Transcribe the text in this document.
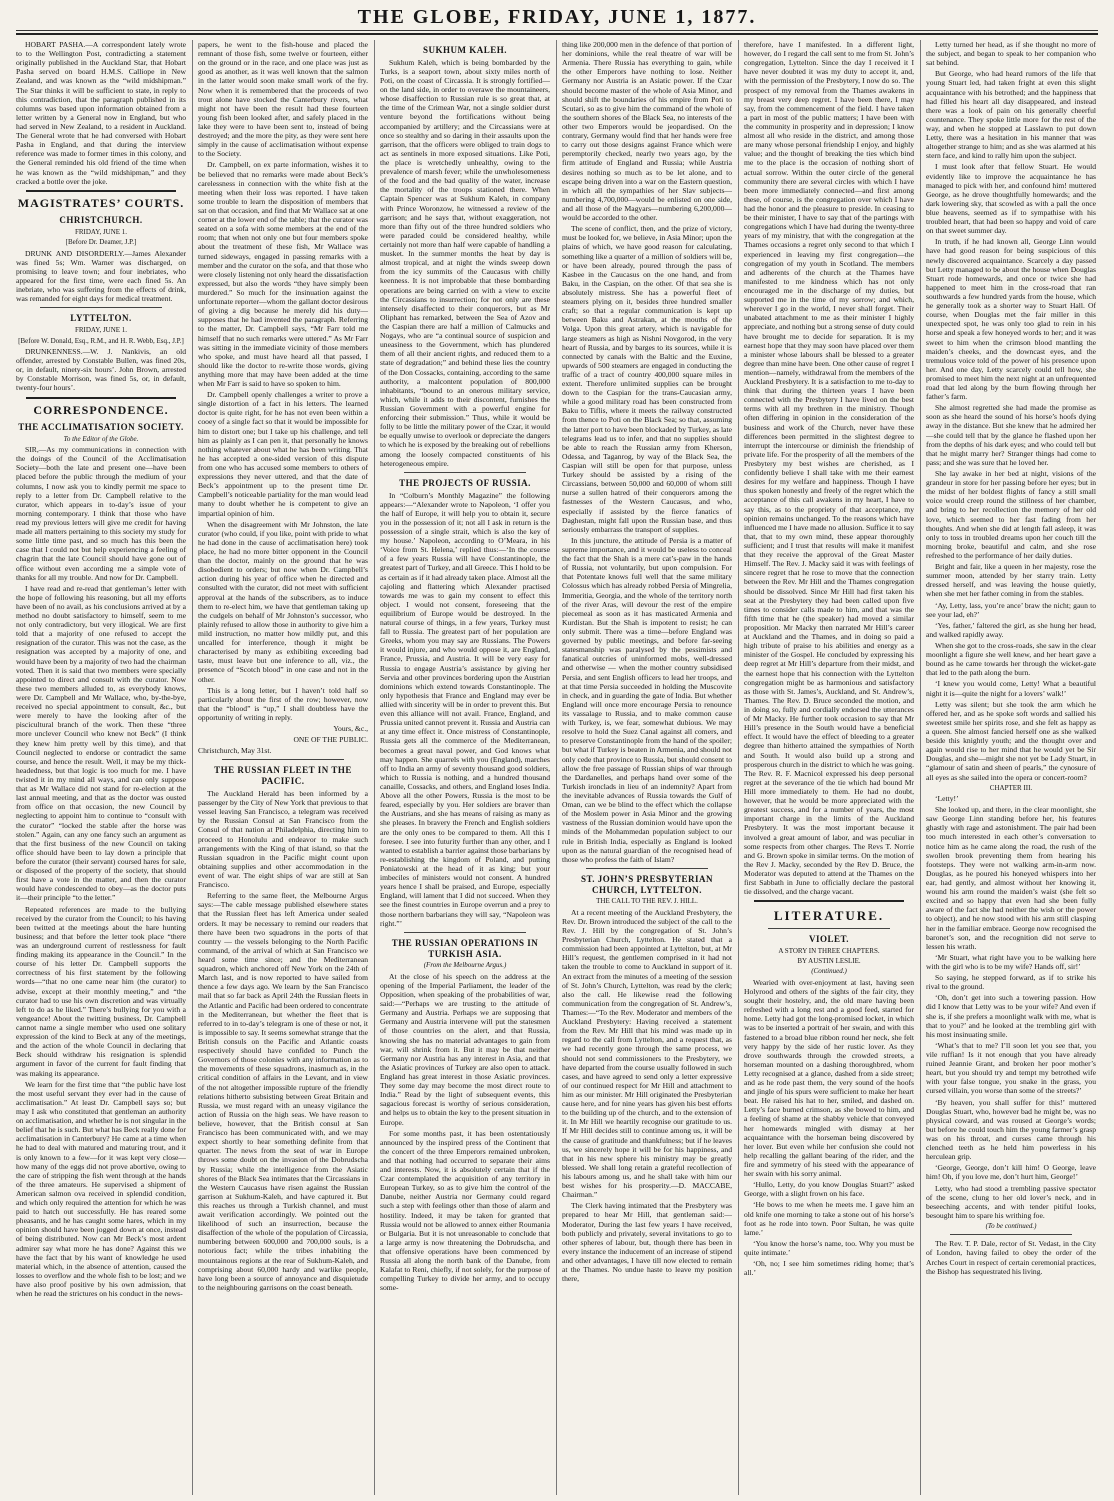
THE GLOBE, FRIDAY, JUNE 1, 1877.

HOBART PASHA.—A correspondent lately wrote to to the Wellington Post, contradicting a statement originally published in the Auckland Star, that Hobart Pasha served on board H.M.S. Calliope in New Zealand, and was known as the “wild midshipman.” The Star thinks it will be sufficient to state, in reply to this contradiction, that the paragraph published in its columns was based upon information obtained from a letter written by a General now in England, but who had served in New Zealand, to a resident in Auckland. The General wrote that he had conversed with Hobart Pasha in England, and that during the interview reference was made to former times in this colony, and the General reminded his old friend of the time when he was known as the “wild midshipman,” and they cracked a bottle over the joke.

MAGISTRATES’ COURTS.
CHRISTCHURCH.

FRIDAY, JUNE 1.

[Before Dr. Deamer, J.P.]

DRUNK AND DISORDERLY.—James Alexander was fined 5s; Wm. Warner was discharged, on promising to leave town; and four inebriates, who appeared for the first time, were each fined 5s. An inebriate, who was suffering from the effects of drink, was remanded for eight days for medical treatment.

LYTTELTON.

FRIDAY, JUNE 1.

[Before W. Donald, Esq., R.M., and H. R. Webb, Esq., J.P.]

DRUNKENNESS.—W. J. Nankivis, an old offender, arrested by Constable Bullen, was fined 20s, or, in default, ninety-six hours’. John Brown, arrested by Constable Morrison, was fined 5s, or, in default, twenty-four hours’.

CORRESPONDENCE.
THE ACCLIMATISATION SOCIETY.

To the Editor of the Globe.

SIR,—As my communications in connection with the doings of the Council of the Acclimatisation Society—both the late and present one—have been placed before the public through the medium of your columns, I now ask you to kindly permit me space to reply to a letter from Dr. Campbell relative to the curator, which appears in to-day’s issue of your morning contemporary. I think that those who have read my previous letters will give me credit for having made all matters pertaining to this society my study for some little time past, and so much has this been the case that I could not but help experiencing a feeling of chagrin that the late Council should have gone out of office without even according me a simple vote of thanks for all my trouble. And now for Dr. Campbell.

I have read and re-read that gentleman’s letter with the hope of following his reasoning, but all my efforts have been of no avail, as his conclusions arrived at by a method no doubt satisfactory to himself, seem to me not only contradictory, but very illogical. We are first told that a majority of one refused to accept the resignation of the curator. This was not the case, as the resignation was accepted by a majority of one, and would have been by a majority of two had the chairman voted. Then it is said that two members were specially appointed to direct and consult with the curator. Now these two members alluded to, as everybody knows, were Dr. Campbell and Mr Wallace, who, by-the-bye, received no special appointment to consult, &c., but were merely to have the looking after of the piscicultural branch of the work. Then these “three more unclever Council who knew not Beck” (I think they knew him pretty well by this time), and that Council neglected to endorse or contradict the same course, and hence the result. Well, it may be my thick-headedness, but that logic is too much for me. I have twisted it in my mind all ways, and can only suppose that as Mr Wallace did not stand for re-election at the last annual meeting, and that as the doctor was ousted from office on that occasion, the new Council by neglecting to appoint him to continue to “consult with the curator” “locked the stable after the horse was stolen.” Again, can any one fancy such an argument as that the first business of the new Council on taking office should have been to lay down a principle that before the curator (their servant) coursed hares for sale, or disposed of the property of the society, that should first have a vote in the matter, and then the curator would have condescended to obey—as the doctor puts it—their principle “to the letter.”

Repeated references are made to the bullying received by the curator from the Council; to his having been twitted at the meetings about the hare hunting business; and that before the letter took place “there was an underground current of restlessness for fault finding making its appearance in the Council.” In the course of his letter Dr. Campbell supports the correctness of his first statement by the following words—“that no one came near him (the curator) to advise, except at their monthly meeting,” and “the curator had to use his own discretion and was virtually left to do as he liked.” There’s bullying for you with a vengeance! About the twitting business, Dr. Campbell cannot name a single member who used one solitary expression of the kind to Beck at any of the meetings, and the action of the whole Council in declaring that Beck should withdraw his resignation is splendid argument in favor of the current for fault finding that was making its appearance.

We learn for the first time that “the public have lost the most useful servant they ever had in the cause of acclimatisation.” At least Dr. Campbell says so; but may I ask who constituted that gentleman an authority on acclimatisation, and whether he is not singular in the belief that he is such. But what has Beck really done for acclimatisation in Canterbury? He came at a time when he had to deal with matured and maturing trout, and it is only known to a few—for it was kept very close—how many of the eggs did not prove abortive, owing to the care of stripping the fish went through at the hands of the three amateurs. He supervised a shipment of American salmon ova received in splendid condition, and which only required the attention for which he was paid to hatch out successfully. He has reared some pheasants, and he has caught some hares, which in my opinion should have been jogged down at once, instead of being distributed. Now can Mr Beck’s most ardent admirer say what more he has done? Against this we have the fact that by his want of knowledge he used material which, in the absence of attention, caused the losses to overflow and the whole fish to be lost; and we have also proof positive by his own admission, that when he read the strictures on his conduct in the news-

papers, he went to the fish-house and placed the remnant of those fish, some twelve or fourteen, either on the ground or in the race, and one place was just as good as another, as it was well known that the salmon in the latter would soon make small work of the fry. Now when it is remembered that the proceeds of two trout alone have stocked the Canterbury rivers, what might not have been the result had these fourteen young fish been looked after, and safely placed in the lake they were to have been sent to, instead of being destroyed; and the more the pity, as they were sent here simply in the cause of acclimatisation without expense to the Society.

Dr. Campbell, on ex parte information, wishes it to be believed that no remarks were made about Beck’s carelessness in connection with the white fish at the meeting when their loss was reported. I have taken some trouble to learn the disposition of members that sat on that occasion, and find that Mr Wallace sat at one corner at the lower end of the table; that the curator was seated on a sofa with some members at the end of the room; that when not only one but four members spoke about the treatment of these fish, Mr Wallace was turned sideways, engaged in passing remarks with a member and the curator on the sofa, and that those who were closely listening not only heard the dissatisfaction expressed, but also the words “they have simply been murdered.” So much for the insinuation against the unfortunate reporter—whom the gallant doctor desirous of giving a dig because he merely did his duty—supposes that he had invented the paragraph. Referring to the matter, Dr. Campbell says, “Mr Farr told me himself that no such remarks were uttered.” As Mr Farr was sitting in the immediate vicinity of those members who spoke, and must have heard all that passed, I should like the doctor to re-write those words, giving anything more that may have been added at the time when Mr Farr is said to have so spoken to him.

Dr. Campbell openly challenges a writer to prove a single distortion of a fact in his letters. The learned doctor is quite right, for he has not even been within a cooey of a single fact so that it would be impossible for him to distort one; but I take up his challenge, and tell him as plainly as I can pen it, that personally he knows nothing whatever about what he has been writing. That he has accepted a one-sided version of this dispute from one who has accused some members to others of expressions they never uttered, and that the date of Beck’s appointment up to the present time Dr. Campbell’s noticeable partiality for the man would lead many to doubt whether he is competent to give an impartial opinion of him.

When the disagreement with Mr Johnston, the late curator (who could, if you like, point with pride to what he had done in the cause of acclimatisation here) took place, he had no more bitter opponent in the Council than the doctor, mainly on the ground that he was disobedient to orders; but now when Dr. Campbell’s action during his year of office when he directed and consulted with the curator, did not meet with sufficient approval at the hands of the subscribers, as to induce them to re-elect him, we have that gentleman taking up the cudgels on behalf of Mr Johnston’s successor, who plainly refused to allow those in authority to give him a mild instruction, no matter how mildly put, and this uncalled for interference, though it might be characterised by many as exhibiting exceeding bad taste, must leave but one inference to all, viz., the presence of “Scotch blood” in one case and not in the other.

This is a long letter, but I haven’t told half so particularly about the first of the row; however, now that the “blood” is “up,” I shall doubtless have the opportunity of writing in reply.

Yours, &c.,

ONE OF THE PUBLIC.

Christchurch, May 31st.

THE RUSSIAN FLEET IN THE PACIFIC.

The Auckland Herald has been informed by a passenger by the City of New York that previous to that vessel leaving San Francisco, a telegram was received by the Russian Consul at San Francisco from the Consul of that nation at Philadelphia, directing him to proceed to Honolulu and endeavor to make such arrangements with the King of that island, so that the Russian squadron in the Pacific might count upon obtaining supplies and other accommodation in the event of war. The eight ships of war are still at San Francisco.

Referring to the same fleet, the Melbourne Argus says:—The cable message published elsewhere states that the Russian fleet has left America under sealed orders. It may be necessary to remind our readers that there have been two squadrons in the ports of that country — the vessels belonging to the North Pacific command, of the arrival of which at San Francisco we heard some time since; and the Mediterranean squadron, which anchored off New York on the 24th of March last, and is now reported to have sailed from thence a few days ago. We learn by the San Francisco mail that so far back as April 24th the Russian fleets in the Atlantic and Pacific had been ordered to concentrate in the Mediterranean, but whether the fleet that is referred to in to-day’s telegram is one of these or not, it is impossible to say. It seems somewhat strange that the British consuls on the Pacific and Atlantic coasts respectively should have confided to Punch the Governors of those colonies with any information as to the movements of these squadrons, inasmuch as, in the critical condition of affairs in the Levant, and in view of the not altogether impossible rupture of the friendly relations hitherto subsisting between Great Britain and Russia, we must regard with an uneasy vigilance the action of Russia on the high seas. We have reason to believe, however, that the British consul at San Francisco has been communicated with, and we may expect shortly to hear something definite from that quarter. The news from the seat of war in Europe throws some doubt on the invasion of the Dobrudscha by Russia; while the intelligence from the Asiatic shores of the Black Sea intimates that the Circassians in the Western Caucasus have risen against the Russian garrison at Sukhum-Kaleh, and have captured it. But this reaches us through a Turkish channel, and must await verification accordingly. We pointed out the likelihood of such an insurrection, because the disaffection of the whole of the population of Circassia, numbering between 600,000 and 700,000 souls, is a notorious fact; while the tribes inhabiting the mountainous regions at the rear of Sukhum-Kaleh, and comprising about 60,000 hardy and warlike people, have long been a source of annoyance and disquietude to the neighbouring garrisons on the coast beneath.

SUKHUM KALEH.

Sukhum Kaleh, which is being bombarded by the Turks, is a seaport town, about sixty miles north of Poti, on the coast of Circassia. It is strongly fortified—on the land side, in order to overawe the mountaineers, whose disaffection to Russian rule is so great that, at the time of the Crimean War, not a single soldier durst venture beyond the fortifications without being accompanied by artillery; and the Circassians were at once so stealthy and so daring in their assaults upon the garrison, that the officers were obliged to train dogs to act as sentinels in more exposed situations. Like Poti, the place is wretchedly unhealthy, owing to the prevalence of marsh fever; while the unwholesomeness of the food and the bad quality of the water, increase the mortality of the troops stationed there. When Captain Spencer was at Sukhum Kaleh, in company with Prince Woronzow, he witnessed a review of the garrison; and he says that, without exaggeration, not more than fifty out of the three hundred soldiers who were paraded could be considered healthy, while certainly not more than half were capable of handling a musket. In the summer months the heat by day is almost tropical, and at night the winds sweep down from the icy summits of the Caucasus with chilly keenness. It is not improbable that these bombarding operations are being carried on with a view to excite the Circassians to insurrection; for not only are these intensely disaffected to their conquerors, but as Mr Oliphant has remarked, between the Sea of Azov and the Caspian there are half a million of Calmucks and Nogays, who are “a continual source of suspicion and uneasiness to the Government, which has plundered them of all their ancient rights, and reduced them to a state of degradation;” and behind these lies the country of the Don Cossacks, containing, according to the same authority, a malcontent population of 800,000 inhabitants, “bound to an onerous military service, which, while it adds to their discontent, furnishes the Russian Government with a powerful engine for enforcing their submission.” Thus, while it would be folly to be little the military power of the Czar, it would be equally unwise to overlook or depreciate the dangers to which he is exposed by the breaking out of rebellions among the loosely compacted constituents of his heterogeneous empire.

THE PROJECTS OF RUSSIA.

In “Colburn’s Monthly Magazine” the following appears:—“Alexander wrote to Napoleon, ‘I offer you the half of Europe, it will help you to obtain it, secure you in the possession of it; not all I ask in return is the possession of a single strait, which is also the key of my house.’ Napoleon, according to O’Meara, in his ‘Voice from St. Helena,’ replied thus:—‘In the course of a few years Russia will have Constantinople, the greatest part of Turkey, and all Greece. This I hold to be as certain as if it had already taken place. Almost all the cajoling and flattering which Alexander practised towards me was to gain my consent to effect this object. I would not consent, foreseeing that the equilibrium of Europe would be destroyed. In the natural course of things, in a few years, Turkey must fall to Russia. The greatest part of her population are Greeks, whom you may say are Russians. The Powers it would injure, and who would oppose it, are England, France, Prussia, and Austria. It will be very easy for Russia to engage Austria’s assistance by giving her Servia and other provinces bordering upon the Austrian dominions which extend towards Constantinople. The only hypothesis that France and England may ever be allied with sincerity will be in order to prevent this. But even this alliance will not avail. France, England, and Prussia united cannot prevent it. Russia and Austria can at any time effect it. Once mistress of Constantinople, Russia gets all the commerce of the Mediterranean, becomes a great naval power, and God knows what may happen. She quarrels with you (England), marches off to India an army of seventy thousand good soldiers, which to Russia is nothing, and a hundred thousand canaille, Cossacks, and others, and England loses India. Above all the other Powers, Russia is the most to be feared, especially by you. Her soldiers are braver than the Austrians, and she has means of raising as many as she pleases. In bravery the French and English soldiers are the only ones to be compared to them. All this I foresee. I see into futurity further than any other, and I wanted to establish a barrier against those barbarians by re-establishing the kingdom of Poland, and putting Poniatowski at the head of it as king; but your imbeciles of ministers would not consent. A hundred years hence I shall be praised, and Europe, especially England, will lament that I did not succeed. When they see the finest countries in Europe overrun and a prey to those northern barbarians they will say, “Napoleon was right.”’

THE RUSSIAN OPERATIONS IN TURKISH ASIA.

(From the Melbourne Argus.)

At the close of his speech on the address at the opening of the Imperial Parliament, the leader of the Opposition, when speaking of the probabilities of war, said:—“Perhaps we are trusting to the attitude of Germany and Austria. Perhaps we are supposing that Germany and Austria intervene will put the statesmen of those countries on the alert, and that Russia, knowing she has no material advantages to gain from war, will shrink from it. But it may be that neither Germany nor Austria has any interest in Asia, and that the Asiatic provinces of Turkey are also open to attack. England has great interest in those Asiatic provinces. They some day may become the most direct route to India.” Read by the light of subsequent events, this sagacious forecast is worthy of serious consideration, and helps us to obtain the key to the present situation in Europe.

For some months past, it has been ostentatiously announced by the inspired press of the Continent that the concert of the three Emperors remained unbroken, and that nothing had occurred to separate their aims and interests. Now, it is absolutely certain that if the Czar contemplated the acquisition of any territory in European Turkey, so as to give him the control of the Danube, neither Austria nor Germany could regard such a step with feelings other than those of alarm and hostility. Indeed, it may be taken for granted that Russia would not be allowed to annex either Roumania or Bulgaria. But it is not unreasonable to conclude that a large army is now threatening the Dobrudscha, and that offensive operations have been commenced by Russia all along the north bank of the Danube, from Kalafat to Reni, chiefly, if not solely, for the purpose of compelling Turkey to divide her army, and to occupy some-

thing like 200,000 men in the defence of that portion of her dominions, while the real theatre of war will be Armenia. There Russia has everything to gain, while the other Emperors have nothing to lose. Neither Germany nor Austria is an Asiatic power. If the Czar should become master of the whole of Asia Minor, and should shift the boundaries of his empire from Poti to Scutari, so as to give him the command of the whole of the southern shores of the Black Sea, no interests of the other two Emperors would be jeopardised. On the contrary, Germany would find that her hands were free to carry out those designs against France which were peremptorily checked, nearly two years ago, by the firm attitude of England and Russia; while Austria desires nothing so much as to be let alone, and to escape being driven into a war on the Eastern question, in which all the sympathies of her Slav subjects—numbering 4,700,000—would be enlisted on one side, and all those of the Magyars—numbering 6,200,000—would be accorded to the other.

The scene of conflict, then, and the prize of victory, must be looked for, we believe, in Asia Minor; upon the plains of which, we have good reason for calculating, something like a quarter of a million of soldiers will be, or have been already, poured through the pass of Kasbee in the Caucasus on the one hand, and from Baku, in the Caspian, on the other. Of that sea she is absolutely mistress. She has a powerful fleet of steamers plying on it, besides three hundred smaller craft; so that a regular communication is kept up between Baku and Astrakan, at the mouths of the Volga. Upon this great artery, which is navigable for large steamers as high as Nishni Novgorod, in the very heart of Russia, and by barges to its sources, while it is connected by canals with the Baltic and the Euxine, upwards of 500 steamers are engaged in conducting the traffic of a tract of country 400,000 square miles in extent. Therefore unlimited supplies can be brought down to the Caspian for the trans-Caucasian army, while a good military road has been constructed from Baku to Tiflis, where it meets the railway constructed from thence to Poti on the Black Sea; so that, assuming the latter port to have been blockaded by Turkey, as late telegrams lead us to infer, and that no supplies should be able to reach the Russian army from Kherson, Odessa, and Taganrog, by way of the Black Sea, the Caspian will still be open for that purpose, unless Turkey should be assisted by a rising of the Circassians, between 50,000 and 60,000 of whom still nurse a sullen hatred of their conquerors among the fastnesses of the Western Caucasus, and who, especially if assisted by the fierce fanatics of Daghestan, might fall upon the Russian base, and thus seriously embarrass the transport of supplies.

In this juncture, the attitude of Persia is a matter of supreme importance, and it would be useless to conceal the fact that the Shah is a mere cat’s-paw in the hands of Russia, not voluntarily, but upon compulsion. For that Potentate knows full well that the same military Colossus which has already robbed Persia of Mingrelia, Immeritia, Georgia, and the whole of the territory north of the river Aras, will devour the rest of the empire piecemeal as soon as it has masticated Armenia and Kurdistan. But the Shah is impotent to resist; he can only submit. There was a time—before England was governed by public meetings, and before far-seeing statesmanship was paralysed by the pessimists and fanatical outcries of uninformed mobs, well-dressed and otherwise — when the mother country subsidised Persia, and sent English officers to lead her troops, and at that time Persia succeeded in holding the Muscovite in check, and in guarding the gate of India. But whether England will once more encourage Persia to renounce its vassalage to Russia, and to make common cause with Turkey, is, we fear, somewhat dubious. We may resolve to hold the Suez Canal against all comers, and to preserve Constantinople from the hand of the spoiler; but what if Turkey is beaten in Armenia, and should not only cede that province to Russia, but should consent to allow the free passage of Russian ships of war through the Dardanelles, and perhaps hand over some of the Turkish ironclads in lieu of an indemnity? Apart from the inevitable advances of Russia towards the Gulf of Oman, can we be blind to the effect which the collapse of the Moslem power in Asia Minor and the growing vastness of the Russian dominion would have upon the minds of the Mohammedan population subject to our rule in British India, especially as England is looked upon as the natural guardian of the recognised head of those who profess the faith of Islam?

ST. JOHN’S PRESBYTERIAN CHURCH, LYTTELTON.

THE CALL TO THE REV. J. HILL.

At a recent meeting of the Auckland Presbytery, the Rev. Dr. Brown introduced the subject of the call to the Rev. J. Hill by the congregation of St. John’s Presbyterian Church, Lyttelton. He stated that a commission had been appointed at Lyttelton, but, at Mr Hill’s request, the gentlemen comprised in it had not taken the trouble to come to Auckland in support of it. An extract from the minutes of a meeting of the session of St. John’s Church, Lyttelton, was read by the clerk; also the call. He likewise read the following communication from the congregation of St. Andrew’s, Thames:—“To the Rev. Moderator and members of the Auckland Presbytery: Having received a statement from the Rev. Mr Hill that his mind was made up in regard to the call from Lyttelton, and a request that, as we had recently gone through the same process, we should not send commissioners to the Presbytery, we have departed from the course usually followed in such cases, and have agreed to send only a letter expressive of our continued respect for Mr Hill and attachment to him as our minister. Mr Hill originated the Presbyterian cause here, and for nine years has given his best efforts to the building up of the church, and to the extension of it. In Mr Hill we heartily recognise our gratitude to us. If Mr Hill decides still to continue among us, it will be the cause of gratitude and thankfulness; but if he leaves us, we sincerely hope it will be for his happiness, and that in his new sphere his ministry may be greatly blessed. We shall long retain a grateful recollection of his labours among us, and he shall take with him our best wishes for his prosperity.—D. MACCABE, Chairman.”

The Clerk having intimated that the Presbytery was prepared to hear Mr Hill, that gentleman said:—Moderator, During the last few years I have received, both publicly and privately, several invitations to go to other spheres of labour, but, though there has been in every instance the inducement of an increase of stipend and other advantages, I have till now elected to remain at the Thames. No undue haste to leave my position there,

therefore, have I manifested. In a different light, however, do I regard the call sent to me from St. John’s congregation, Lyttelton. Since the day I received it I have never doubted it was my duty to accept it, and, with the permission of the Presbytery, I now do so. The prospect of my removal from the Thames awakens in my breast very deep regret. I have been there, I may say, from the commencement of the field. I have taken a part in most of the public matters; I have been with the community in prosperity and in depression; I know almost all who reside in the district, and among those are many whose personal friendship I enjoy, and highly value; and the thought of breaking the ties which bind me to the place is the occasion of nothing short of actual sorrow. Within the outer circle of the general community there are several circles with which I have been more immediately connected—and first among these, of course, is the congregation over which I have had the honor and the pleasure to preside. In ceasing to be their minister, I have to say that of the partings with congregations which I have had during the twenty-three years of my ministry, that with the congregation at the Thames occasions a regret only second to that which I experienced in leaving my first congregation—the congregation of my youth in Scotland. The members and adherents of the church at the Thames have manifested to me kindness which has not only encouraged me in the discharge of my duties, but supported me in the time of my sorrow; and which, wherever I go in the world, I never shall forget. Their unabated attachment to me as their minister I highly appreciate, and nothing but a strong sense of duty could have brought me to decide for separation. It is my earnest hope that they may soon have placed over them a minister whose labours shall be blessed to a greater degree than mine have been. One other cause of regret I mention—namely, withdrawal from the members of the Auckland Presbytery. It is a satisfaction to me to-day to think that during the thirteen years I have been connected with the Presbytery I have lived on the best terms with all my brethren in the ministry. Though often differing in opinion in the consideration of the business and work of the Church, never have these differences been permitted in the slightest degree to interrupt the intercourse or diminish the friendship of private life. For the prosperity of all the members of the Presbytery my best wishes are cherished, as I confidently believe I shall take with me their earnest desires for my welfare and happiness. Though I have thus spoken honestly and freely of the regret which the acceptance of this call awakens in my heart, I have to say this, as to the propriety of that acceptance, my opinion remains unchanged. To the reasons which have influenced me I have made no allusion. Suffice it to say that, that to my own mind, these appear thoroughly sufficient; and I trust that results will make it manifest that they receive the approval of the Great Master Himself. The Rev. J. Macky said it was with feelings of sincere regret that he rose to move that the connection between the Rev. Mr Hill and the Thames congregation should be dissolved. Since Mr Hill had first taken his seat at the Presbytery they had been called upon five times to consider calls made to him, and that was the fifth time that he (the speaker) had moved a similar proposition. Mr Macky then narrated Mr Hill’s career at Auckland and the Thames, and in doing so paid a high tribute of praise to his abilities and energy as a minister of the Gospel. He concluded by expressing his deep regret at Mr Hill’s departure from their midst, and the earnest hope that his connection with the Lyttelton congregation might be as harmonious and satisfactory as those with St. James’s, Auckland, and St. Andrew’s, Thames. The Rev. D. Bruce seconded the motion, and in doing so, fully and cordially endorsed the utterances of Mr Macky. He further took occasion to say that Mr Hill’s presence in the South would have a beneficial effect. It would have the effect of bleeding to a greater degree than hitherto attained the sympathies of North and South. It would also build up a strong and prosperous church in the district to which he was going. The Rev. R. F. Macnicol expressed his deep personal regret at the severance of the tie which had bound Mr Hill more immediately to them. He had no doubt, however, that he would be more appreciated with the greatest success, and for a number of years, the most important charge in the limits of the Auckland Presbytery. It was the most important because it involved a great amount of labor, and was peculiar in some respects from other charges. The Revs T. Norrie and G. Brown spoke in similar terms. On the motion of the Rev J. Macky, seconded by the Rev D. Bruce, the Moderator was deputed to attend at the Thames on the first Sabbath in June to officially declare the pastoral tie dissolved, and the charge vacant.

LITERATURE.
VIOLET.

A STORY IN THREE CHAPTERS.

BY AUSTIN LESLIE.

(Continued.)

Wearied with over-enjoyment at last, having seen Holyrood and others of the sights of the fair city, they sought their hostelry, and, the old mare having been refreshed with a long rest and a good feed, started for home. Letty had got the long-promised locket, in which was to be inserted a portrait of her swain, and with this fastened to a broad blue ribbon round her neck, she felt very happy by the side of her rustic lover. As they drove southwards through the crowded streets, a horseman mounted on a dashing thoroughbred, whom Letty recognised at a glance, dashed from a side street; and as he rode past them, the very sound of the hoofs and jingle of his spurs were sufficient to make her heart beat. He raised his hat to her, smiled, and dashed on. Letty’s face burned crimson, as she bowed to him, and a feeling of shame at the shabby vehicle that conveyed her homewards mingled with dismay at her acquaintance with the horseman being discovered by her lover. But even while her confusion she could not help recalling the gallant bearing of the rider, and the fire and symmetry of his steed with the appearance of her swain with his sorry animal.

‘Hullo, Letty, do you know Douglas Stuart?’ asked George, with a slight frown on his face.

‘He bows to me when he meets me. I gave him an old knife one morning to take a stone out of his horse’s foot as he rode into town. Poor Sultan, he was quite lame.’

‘You know the horse’s name, too. Why you must be quite intimate.’

‘Oh, no; I see him sometimes riding home; that’s all.’

Letty turned her head, as if she thought no more of the subject, and began to speak to her companion who sat behind.

But George, who had heard rumors of the life that young Stuart led, had taken fright at even this slight acquaintance with his betrothed; and the happiness that had filled his heart all day disappeared, and instead there was a look of pain on his generally cheerful countenance. They spoke little more for the rest of the way, and when he stopped at Lasslawn to put down Letty, there was a hesitation in his manner that was altogether strange to him; and as she was alarmed at his stern face, and kind to rally him upon the subject.

I must look after that fellow Stuart. He would evidently like to improve the acquaintance he has managed to pick with her, and confound him! muttered George, as he drove thoughtfully homewards; and the dark lowering sky, that scowled as with a pall the once blue heavens, seemed as if to sympathise with his troubled heart, that had been so happy and void of care on that sweet summer day.

In truth, if he had known all, George Linn would have had good reason for being suspicious of this newly discovered acquaintance. Scarcely a day passed but Letty managed to be about the house when Douglas Stuart rode homewards, and once or twice she had happened to meet him in the cross-road that ran southwards a few hundred yards from the house, which he generally took as a shorter way to Stuart Hall. Of course, when Douglas met the fair miller in this unexpected spot, he was only too glad to rein in his horse and speak a few honeyed words to her; and it was sweet to him when the crimson blood mantling the maiden’s cheeks, and the downcast eyes, and the tremulous voice told of the power of his presence upon her. And one day, Letty scarcely could tell how, she promised to meet him the next night at an unfrequented road that led along by the burn flowing through her father’s farm.

She almost regretted she had made the promise as soon as she heard the sound of his horse’s hoofs dying away in the distance. But she knew that he admired her—she could tell that by the glance he flashed upon her from the depths of his dark eyes; and who could tell but that he might marry her? Stranger things had come to pass; and she was sure that he loved her.

She lay awake in her bed at night, visions of the grandeur in store for her passing before her eyes; but in the midst of her boldest flights of fancy a still small voice would creep round the stillness of her chamber, and bring to her recollection the memory of her old love, which seemed to her fast fading from her thoughts. And when she did at length fall asleep, it was only to toss in troubled dreams upon her couch till the morning broke, beautiful and calm, and she rose refreshed to the performance of her daily duties.

Bright and fair, like a queen in her majesty, rose the summer moon, attended by her starry train. Letty dressed herself, and was leaving the house quietly, when she met her father coming in from the stables.

‘Ay, Letty, lass, you’re ance’ braw the nicht; gaun to see your lad, eh?’

‘Yes, father,’ faltered the girl, as she hung her head, and walked rapidly away.

When she got to the cross-roads, she saw in the clear moonlight a figure she well knew, and her heart gave a bound as he came towards her through the wicket-gate that led to the path along the burn.

‘I knew you would come, Letty! What a beautiful night it is—quite the night for a lovers’ walk!’

Letty was silent; but she took the arm which he offered her, and as he spoke soft words and sallied his sweetest smile her spirits rose, and she felt as happy as a queen. She almost fancied herself one as she walked beside this knightly youth; and the thought over and again would rise to her mind that he would yet be Sir Douglas, and she—might she not yet be Lady Stuart, in “glamour of satin and sheen of pearls,” the cynosure of all eyes as she sailed into the opera or concert-room?

CHAPTER III.

‘Letty!’

She looked up, and there, in the clear moonlight, she saw George Linn standing before her, his features ghastly with rage and astonishment. The pair had been too much interested in each other’s conversation to notice him as he came along the road, the rush of the swollen brook preventing them from hearing his footsteps. They were not walking arm-in-arm now. Douglas, as he poured his honeyed whispers into her ear, had gently, and almost without her knowing it, wound his arm round the maiden’s waist (she felt so excited and so happy that even had she been fully aware of the fact she had neither the wish or the power to object), and he now stood with his arm still clasping her in the familiar embrace. George now recognised the baronet’s son, and the recognition did not serve to lessen his wrath.

‘Mr Stuart, what right have you to be walking here with the girl who is to be my wife? Hands off, sir!’

So saying, he stepped forward, as if to strike his rival to the ground.

‘Oh, don’t get into such a towering passion. How did I know that Letty was to be your wife? And even if she is, if she prefers a moonlight walk with me, what is that to you?’ and he looked at the trembling girl with his most insinuating smile.

‘What’s that to me? I’ll soon let you see that, you vile ruffian! Is it not enough that you have already ruined Jeannie Grant, and broken her poor mother’s heart, but you should try and tempt my betrothed wife with your false tongue, you snake in the grass, you cursed villain, you worse than some of the streets?’

‘By heaven, you shall suffer for this!’ muttered Douglas Stuart, who, however bad he might be, was no physical coward, and was roused at George’s words; but before he could touch him the young farmer’s grasp was on his throat, and curses came through his clenched teeth as he held him powerless in his herculean grip.

‘George, George, don’t kill him! O George, leave him! Oh, if you love me, don’t hurt him, George!’

Letty, who had stood a trembling passive spectator of the scene, clung to her old lover’s neck, and in beseeching accents, and with tender pitiful looks, besought him to spare his writhing foe.

(To be continued.)

The Rev. T. P. Dale, rector of St. Vedast, in the City of London, having failed to obey the order of the Arches Court in respect of certain ceremonial practices, the Bishop has sequestrated his living.
